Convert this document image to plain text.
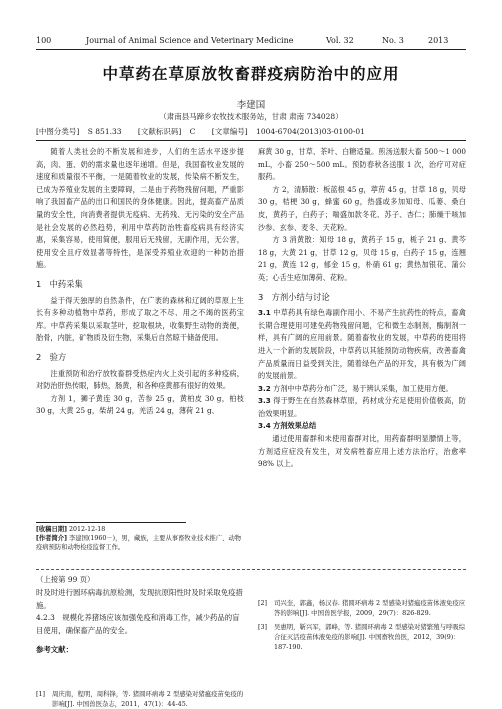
100	Journal of Animal Science and Veterinary Medicine	Vol. 32	No. 3	2013
中草药在草原放牧畜群疫病防治中的应用
李建国
（肃南县马蹄乡农牧技术服务站，甘肃 肃南 734028）
[中图分类号] S 851.33 [文献标识码] C [文章编号] 1004-6704(2013)03-0100-01

随着人类社会的不断发展和进步，人们的生活水平逐步提高，肉、蛋、奶的需求量也逐年递增。但是，我国畜牧业发展的速度和质量很不平衡，一是随着牧业的发展，传染病不断发生，已成为养殖业发展的主要障碍，二是由于药物残留问题，严重影响了我国畜产品的出口和国民的身体健康。因此，提高畜产品质量的安全性，向消费者提供无疫病、无药残、无污染的安全产品是社会发展的必然趋势，利用中草药防治牲畜疫病具有经济实惠，采集容易，使用简便，服用后无残留，无副作用，无公害，使用安全且疗效显著等特性，是深受养殖业欢迎的一种防治措施。

1　中药采集

益于得天独厚的自然条件，在广袤的森林和辽阔的草原上生长有多种动植物中草药，形成了取之不尽、用之不竭的医药宝库。中草药采集以采取茎叶，挖取根块，收集野生动物的粪便，胎骨，内脏，矿物质及衍生物，采集后自然晾干储备使用。

2　验方

注重预防和治疗放牧畜群受热症内火上炎引起的多种疫病，对防治肝热传眼，肺热，肠黄，和各种痉黄都有很好的效果。

方剂 1，狮子黄连 30 g，苦参 25 g，黄柏皮 30 g，柏枝 30 g，大黄 25 g，柴胡 24 g，羌活 24 g，薄荷 21 g、

[收稿日期] 2012-12-18
[作者简介] 李建国(1960－)，男，藏族，主要从事畜牧业技术推广、动物疫病预防和动物检疫监督工作。

麻黄 30 g，甘草、茶叶、白糖适量。煎汤送服大畜 500～1 000 mL，小畜 250～500 mL。预防春秋各送服 1 次，治疗可对症服药。

方 2，清肺散：板蓝根 45 g，葶苈 45 g，甘草 18 g，贝母 30 g，桔梗 30 g，蜂蜜 60 g，热盛或多加知母、瓜蒌、桑白皮，黄药子，白药子；喘盛加款冬花、苏子、杏仁；肺燥干咳加沙参、玄参、麦冬、天花粉。

方 3 消黄散：知母 18 g，黄药子 15 g，栀子 21 g、黄芩 18 g，大黄 21 g，甘草 12 g，贝母 15 g，白药子 15 g，连翘 21 g，黄连 12 g，郁金 15 g，朴硝 61 g；黄热加银花、蒲公英；心舌生疮加薄荷、花粉。

3　方剂小结与讨论

3.1 中草药具有绿色毒副作用小、不易产生抗药性的特点，畜禽长期合理使用可建免药物残留问题，它和微生态制剂，酶制剂一样，具有广阔的应用前景。随着畜牧业的发展，中草药的使用将进入一个新的发展阶段，中草药以其能预防动物疾病，改善畜禽产品质量而日益受到关注，随着绿色产品的开发，具有极为广阔的发展前景。

3.2 方剂中中草药分布广泛，易于辨认采集，加工使用方便。

3.3 得于野生在自然森林草原，药材成分充足使用价值极高，防治效果明显。

3.4 方剂效果总结

通过使用畜群和未使用畜群对比，用药畜群明显膘情上等，方剂适应症没有发生，对发病牲畜应用上述方法治疗，治愈率 98% 以上。

（上接第 99 页）

时及时进行圆环病毒抗原检测，发现抗原阳性时及时采取免疫措施。

4.2.3　规模化养猪场应该加强免疫和消毒工作，减少药品的盲目使用，确保畜产品的安全。

参考文献：

[1]	周庆南，程明，周科锋，等. 猪圆环病毒 2 型感染对猪瘟疫苗免疫的影响[J]. 中国兽医杂志，2011，47(1)：44-45.
[2]	司兴奎，郭鑫，杨汉春. 猪圆环病毒 2 型感染对猪瘟疫苗体液免疫应答的影响[J]. 中国兽医学报，2009，29(7)：826-829.
[3]	吴惠明，靳兴军，郭峰，等. 猪圆环病毒 2 型感染对猪繁殖与呼吸综合征灭活疫苗体液免疫的影响[J]. 中国畜牧兽医，2012，39(9)：187-190.
